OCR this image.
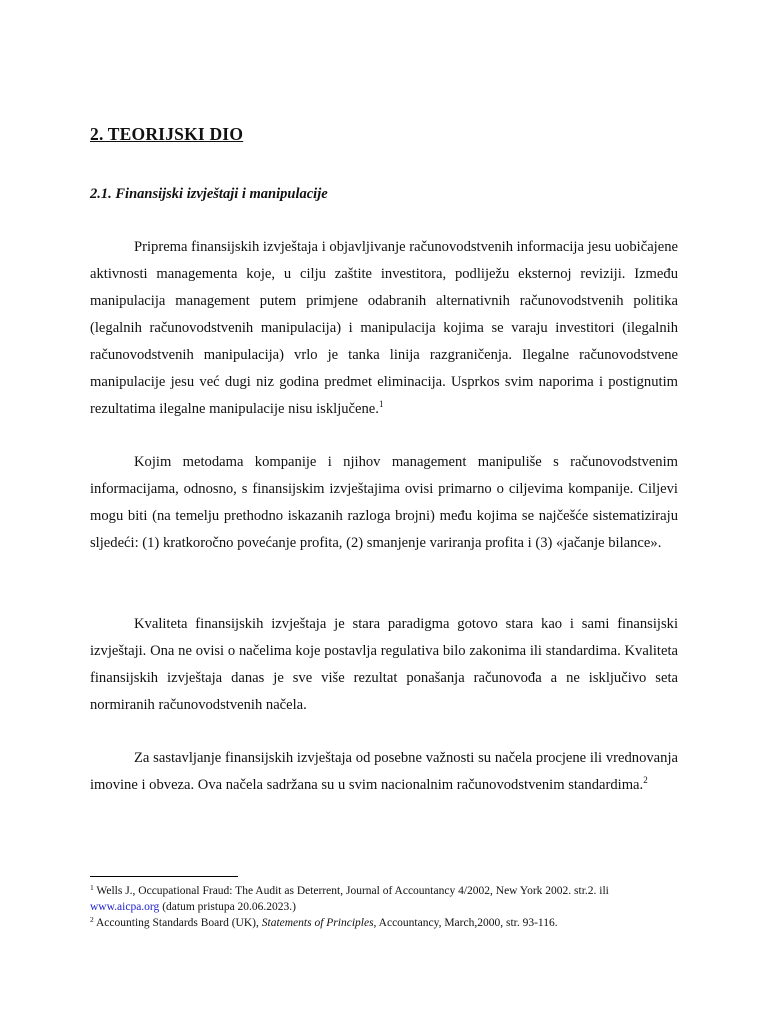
2. TEORIJSKI DIO
2.1. Finansijski izvještaji i manipulacije

Priprema finansijskih izvještaja i objavljivanje računovodstvenih informacija jesu uobičajene aktivnosti managementa koje, u cilju zaštite investitora, podliježu eksternoj reviziji. Između manipulacija management putem primjene odabranih alternativnih računovodstvenih politika (legalnih računovodstvenih manipulacija) i manipulacija kojima se varaju investitori (ilegalnih računovodstvenih manipulacija) vrlo je tanka linija razgraničenja. Ilegalne računovodstvene manipulacije jesu već dugi niz godina predmet eliminacija. Usprkos svim naporima i postignutim rezultatima ilegalne manipulacije nisu isključene.$^1$

Kojim metodama kompanije i njihov management manipuliše s računovodstvenim informacijama, odnosno, s finansijskim izvještajima ovisi primarno o ciljevima kompanije. Ciljevi mogu biti (na temelju prethodno iskazanih razloga brojni) među kojima se najčešće sistematiziraju sljedeći: (1) kratkoročno povećanje profita, (2) smanjenje variranja profita i (3) «jačanje bilance».

Kvaliteta finansijskih izvještaja je stara paradigma gotovo stara kao i sami finansijski izvještaji. Ona ne ovisi o načelima koje postavlja regulativa bilo zakonima ili standardima. Kvaliteta finansijskih izvještaja danas je sve više rezultat ponašanja računovođa a ne isključivo seta normiranih računovodstvenih načela.

Za sastavljanje finansijskih izvještaja od posebne važnosti su načela procjene ili vrednovanja imovine i obveza. Ova načela sadržana su u svim nacionalnim računovodstvenim standardima.$^2$

$^1$ Wells J., Occupational Fraud: The Audit as Deterrent, Journal of Accountancy 4/2002, New York 2002. str.2. ili
www.aicpa.org (datum pristupa 20.06.2023.)

$^2$ Accounting Standards Board (UK), Statements of Principles, Accountancy, March,2000, str. 93-116.
